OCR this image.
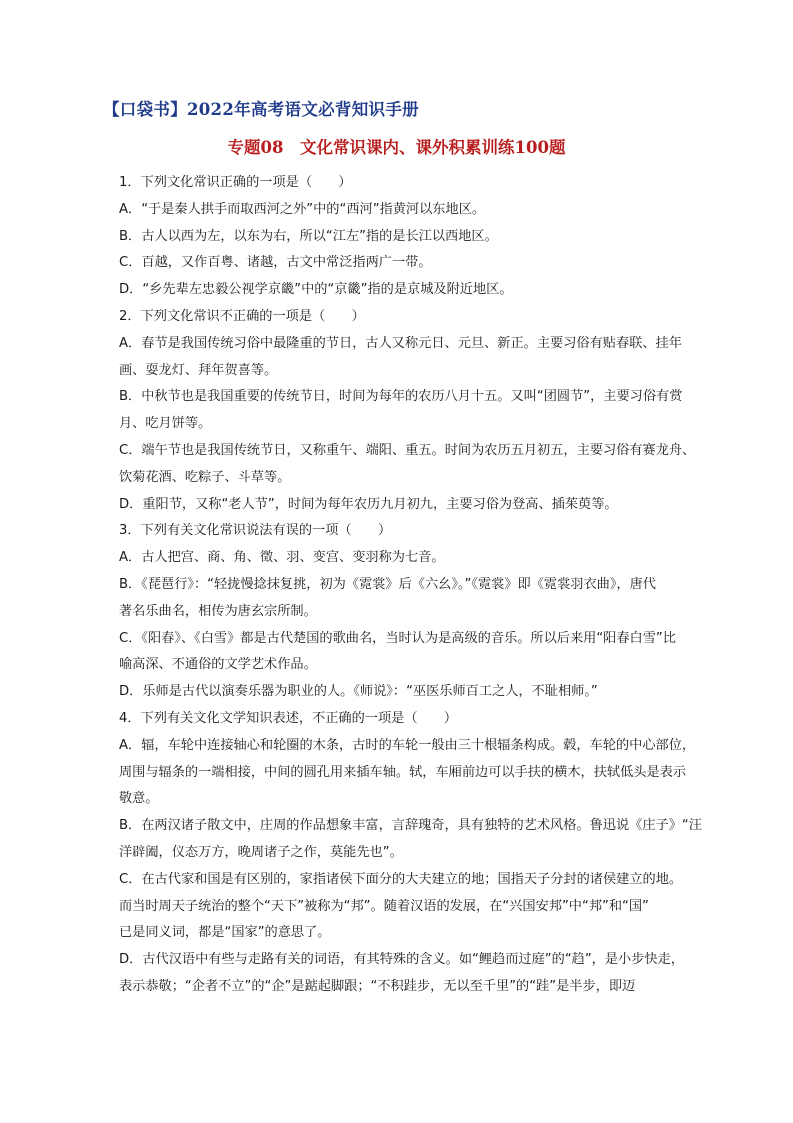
【口袋书】2022年高考语文必背知识手册
专题08　文化常识课内、课外积累训练100题
1．下列文化常识正确的一项是（　　）
A．“于是秦人拱手而取西河之外”中的“西河”指黄河以东地区。
B．古人以西为左，以东为右，所以“江左”指的是长江以西地区。
C．百越，又作百粤、诸越，古文中常泛指两广一带。
D．“乡先辈左忠毅公视学京畿”中的“京畿”指的是京城及附近地区。
2．下列文化常识不正确的一项是（　　）
A．春节是我国传统习俗中最隆重的节日，古人又称元日、元旦、新正。主要习俗有贴春联、挂年
画、耍龙灯、拜年贺喜等。
B．中秋节也是我国重要的传统节日，时间为每年的农历八月十五。又叫“团圆节”，主要习俗有赏
月、吃月饼等。
C．端午节也是我国传统节日，又称重午、端阳、重五。时间为农历五月初五，主要习俗有赛龙舟、
饮菊花酒、吃粽子、斗草等。
D．重阳节，又称“老人节”，时间为每年农历九月初九，主要习俗为登高、插茱萸等。
3．下列有关文化常识说法有误的一项（　　）
A．古人把宫、商、角、徵、羽、变宫、变羽称为七音。
B．《琵琶行》：“轻拢慢捻抹复挑，初为《霓裳》后《六幺》。”《霓裳》即《霓裳羽衣曲》，唐代
著名乐曲名，相传为唐玄宗所制。
C．《阳春》、《白雪》都是古代楚国的歌曲名，当时认为是高级的音乐。所以后来用“阳春白雪”比
喻高深、不通俗的文学艺术作品。
D．乐师是古代以演奏乐器为职业的人。《师说》：“巫医乐师百工之人，不耻相师。”
4．下列有关文化文学知识表述，不正确的一项是（　　）
A．辐，车轮中连接轴心和轮圈的木条，古时的车轮一般由三十根辐条构成。毂，车轮的中心部位，
周围与辐条的一端相接，中间的圆孔用来插车轴。轼，车厢前边可以手扶的横木，扶轼低头是表示
敬意。
B．在两汉诸子散文中，庄周的作品想象丰富，言辞瑰奇，具有独特的艺术风格。鲁迅说《庄子》“汪
洋辟阖，仪态万方，晚周诸子之作，莫能先也”。
C．在古代家和国是有区别的，家指诸侯下面分的大夫建立的地；国指天子分封的诸侯建立的地。
而当时周天子统治的整个“天下”被称为“邦”。随着汉语的发展，在“兴国安邦”中“邦”和“国”
已是同义词，都是“国家”的意思了。
D．古代汉语中有些与走路有关的词语，有其特殊的含义。如“鲤趋而过庭”的“趋”，是小步快走，
表示恭敬；“企者不立”的“企”是踮起脚跟；“不积跬步，无以至千里”的“跬”是半步，即迈
